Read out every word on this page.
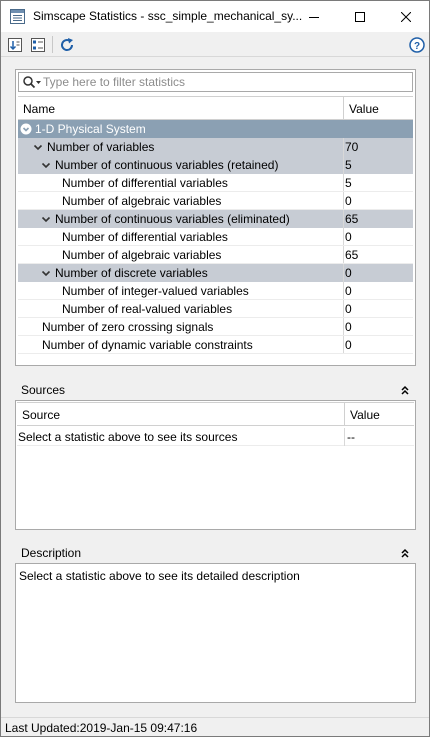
Simscape Statistics - ssc_simple_mechanical_sy...
?
Type here to filter statistics
Name	Value
1-D Physical System
Number of variables	70
Number of continuous variables (retained)	5
Number of differential variables	5
Number of algebraic variables	0
Number of continuous variables (eliminated)	65
Number of differential variables	0
Number of algebraic variables	65
Number of discrete variables	0
Number of integer-valued variables	0
Number of real-valued variables	0
Number of zero crossing signals	0
Number of dynamic variable constraints	0
Sources
Source	Value
Select a statistic above to see its sources	--
Description
Select a statistic above to see its detailed description
Last Updated:2019-Jan-15 09:47:16
